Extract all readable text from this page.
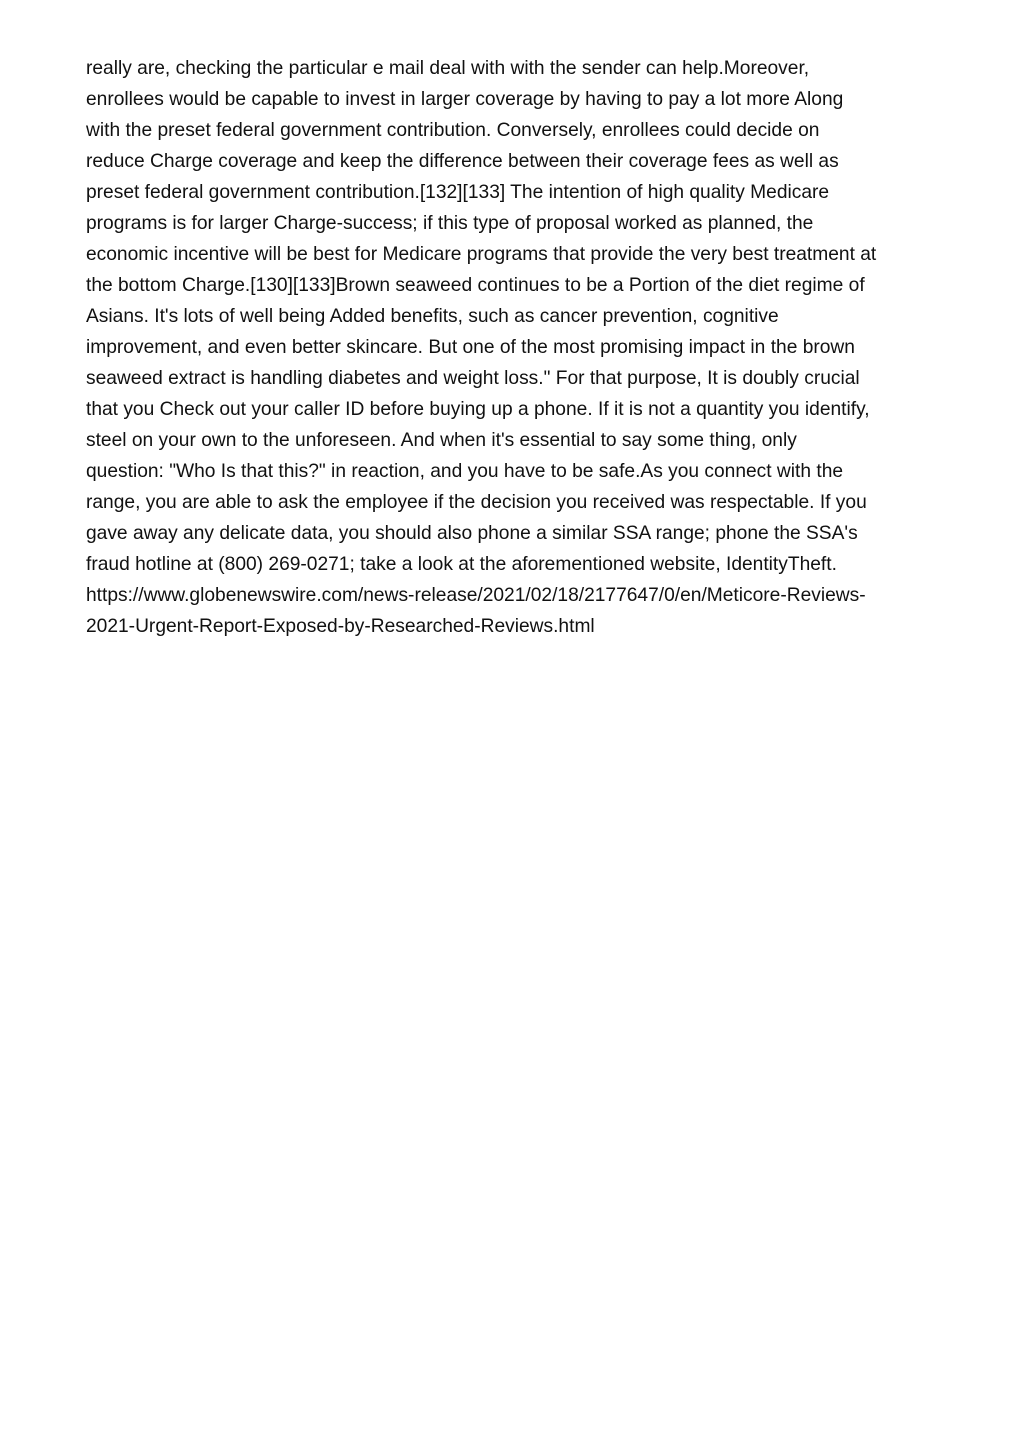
really are, checking the particular e mail deal with with the sender can help.Moreover,
enrollees would be capable to invest in larger coverage by having to pay a lot more Along
with the preset federal government contribution. Conversely, enrollees could decide on
reduce Charge coverage and keep the difference between their coverage fees as well as
preset federal government contribution.[132][133] The intention of high quality Medicare
programs is for larger Charge-success; if this type of proposal worked as planned, the
economic incentive will be best for Medicare programs that provide the very best treatment at
the bottom Charge.[130][133]Brown seaweed continues to be a Portion of the diet regime of
Asians. It's lots of well being Added benefits, such as cancer prevention, cognitive
improvement, and even better skincare. But one of the most promising impact in the brown
seaweed extract is handling diabetes and weight loss." For that purpose, It is doubly crucial
that you Check out your caller ID before buying up a phone. If it is not a quantity you identify,
steel on your own to the unforeseen. And when it's essential to say some thing, only
question: "Who Is that this?" in reaction, and you have to be safe.As you connect with the
range, you are able to ask the employee if the decision you received was respectable. If you
gave away any delicate data, you should also phone a similar SSA range; phone the SSA's
fraud hotline at (800) 269-0271; take a look at the aforementioned website, IdentityTheft.
https://www.globenewswire.com/news-release/2021/02/18/2177647/0/en/Meticore-Reviews-
2021-Urgent-Report-Exposed-by-Researched-Reviews.html
